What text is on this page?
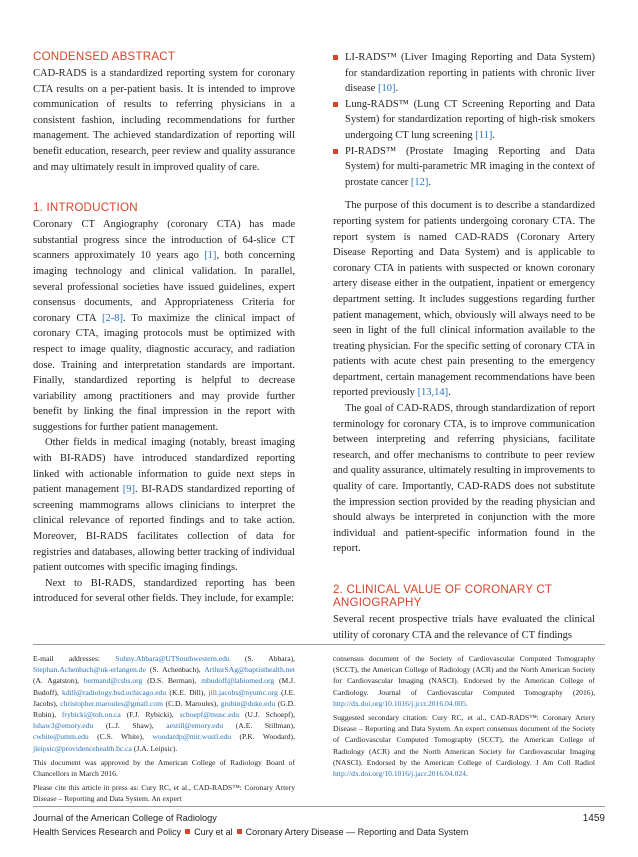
CONDENSED ABSTRACT

CAD-RADS is a standardized reporting system for coronary CTA results on a per-patient basis. It is intended to improve communication of results to referring physicians in a consistent fashion, including recommendations for further management. The achieved standardization of reporting will benefit education, research, peer review and quality assurance and may ultimately result in improved quality of care.

1. INTRODUCTION

Coronary CT Angiography (coronary CTA) has made substantial progress since the introduction of 64-slice CT scanners approximately 10 years ago [1], both concerning imaging technology and clinical validation. In parallel, several professional societies have issued guidelines, expert consensus documents, and Appropriateness Criteria for coronary CTA [2-8]. To maximize the clinical impact of coronary CTA, imaging protocols must be optimized with respect to image quality, diagnostic accuracy, and radiation dose. Training and interpretation standards are important. Finally, standardized reporting is helpful to decrease variability among practitioners and may provide further benefit by linking the final impression in the report with suggestions for further patient management.

Other fields in medical imaging (notably, breast imaging with BI-RADS) have introduced standardized reporting linked with actionable information to guide next steps in patient management [9]. BI-RADS standardized reporting of screening mammograms allows clinicians to interpret the clinical relevance of reported findings and to take action. Moreover, BI-RADS facilitates collection of data for registries and databases, allowing better tracking of individual patient outcomes with specific imaging findings.

Next to BI-RADS, standardized reporting has been introduced for several other fields. They include, for example:

LI-RADS™ (Liver Imaging Reporting and Data System) for standardization reporting in patients with chronic liver disease [10].
Lung-RADS™ (Lung CT Screening Reporting and Data System) for standardization reporting of high-risk smokers undergoing CT lung screening [11].
PI-RADS™ (Prostate Imaging Reporting and Data System) for multi-parametric MR imaging in the context of prostate cancer [12].

The purpose of this document is to describe a standardized reporting system for patients undergoing coronary CTA. The report system is named CAD-RADS (Coronary Artery Disease Reporting and Data System) and is applicable to coronary CTA in patients with suspected or known coronary artery disease either in the outpatient, inpatient or emergency department setting. It includes suggestions regarding further patient management, which, obviously will always need to be seen in light of the full clinical information available to the treating physician. For the specific setting of coronary CTA in patients with acute chest pain presenting to the emergency department, certain management recommendations have been reported previously [13,14].

The goal of CAD-RADS, through standardization of report terminology for coronary CTA, is to improve communication between interpreting and referring physicians, facilitate research, and offer mechanisms to contribute to peer review and quality assurance, ultimately resulting in improvements to quality of care. Importantly, CAD-RADS does not substitute the impression section provided by the reading physician and should always be interpreted in conjunction with the more individual and patient-specific information found in the report.

2. CLINICAL VALUE OF CORONARY CT ANGIOGRAPHY

Several recent prospective trials have evaluated the clinical utility of coronary CTA and the relevance of CT findings

E-mail addresses: Suhny.Abbara@UTSouthwestern.edu (S. Abbara), Stephan.Achenbach@uk-erlangen.de (S. Achenbach), ArthurSAg@baptisthealth.net (A. Agatston), bermand@cshs.org (D.S. Berman), mbudoff@labiomed.org (M.J. Budoff), kdill@radiology.bsd.uchicago.edu (K.E. Dill), jill.jacobs@nyumc.org (J.E. Jacobs), christopher.maroules@gmail.com (C.D. Maroules), grubin@duke.edu (G.D. Rubin), frybicki@toh.on.ca (F.J. Rybicki), schoepf@musc.edu (U.J. Schoepf), lshaw3@emory.edu (L.J. Shaw), aestill@emory.edu (A.E. Stillman), cwhite@umm.edu (C.S. White), woodardp@mir.wustl.edu (P.K. Woodard), jleipsic@providencehealth.bc.ca (J.A. Leipsic).

This document was approved by the American College of Radiology Board of Chancellors in March 2016.

Please cite this article in press as: Cury RC, et al., CAD-RADS™: Coronary Artery Disease – Reporting and Data System. An expert

consensus document of the Society of Cardiovascular Computed Tomography (SCCT), the American College of Radiology (ACR) and the North American Society for Cardiovascular Imaging (NASCI). Endorsed by the American College of Cardiology. Journal of Cardiovascular Computed Tomography (2016), http://dx.doi.org/10.1016/j.jcct.2016.04.005.

Suggested secondary citation: Cury RC, et al., CAD-RADS™: Coronary Artery Disease – Reporting and Data System. An expert consensus document of the Society of Cardiovascular Computed Tomography (SCCT), the American College of Radiology (ACR) and the North American Society for Cardiovascular Imaging (NASCI). Endorsed by the American College of Cardiology. J Am Coll Radiol http://dx.doi.org/10.1016/j.jacr.2016.04.024.

Journal of the American College of Radiology	1459
Health Services Research and Policy Cury et al Coronary Artery Disease — Reporting and Data System
